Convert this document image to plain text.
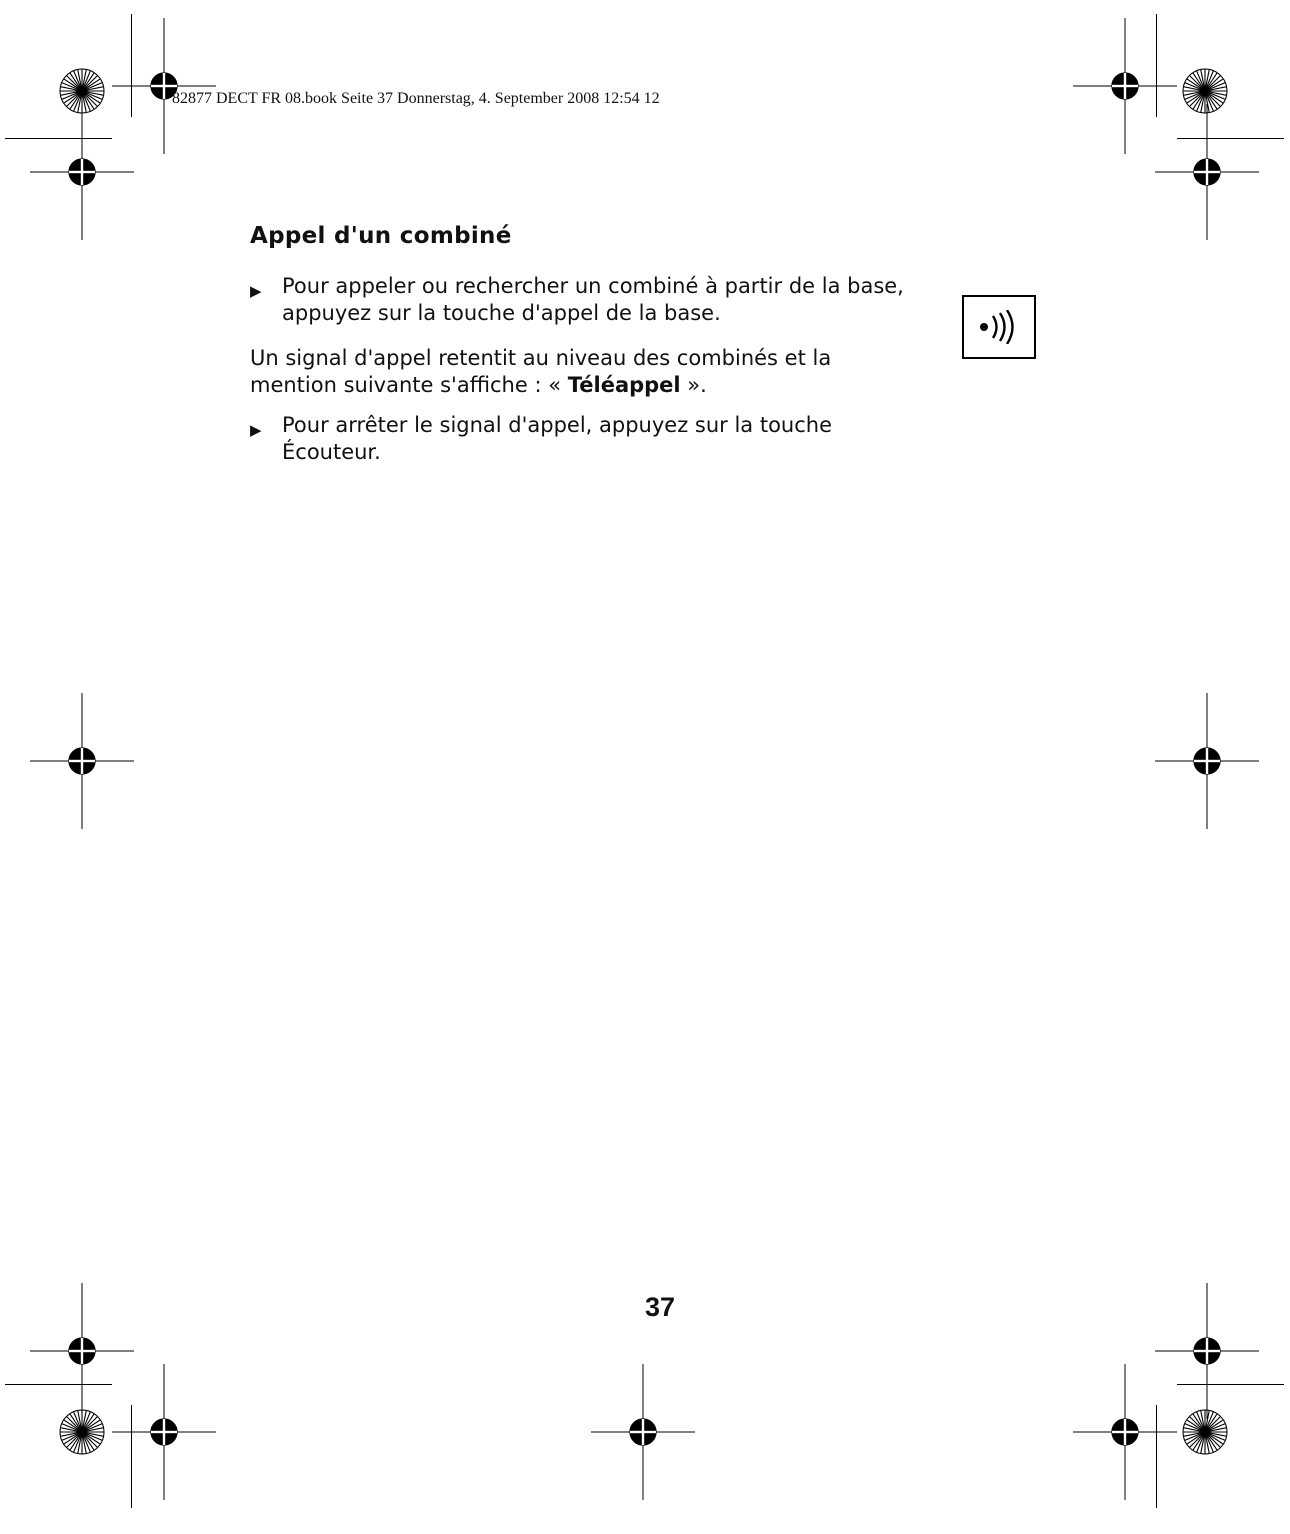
82877 DECT FR 08.book Seite 37 Donnerstag, 4. September 2008 12:54 12
Appel d'un combiné
▶ Pour appeler ou rechercher un combiné à partir de la base, appuyez sur la touche d'appel de la base.
Un signal d'appel retentit au niveau des combinés et la mention suivante s'affiche : « Téléappel ».
▶ Pour arrêter le signal d'appel, appuyez sur la touche Écouteur.
37
